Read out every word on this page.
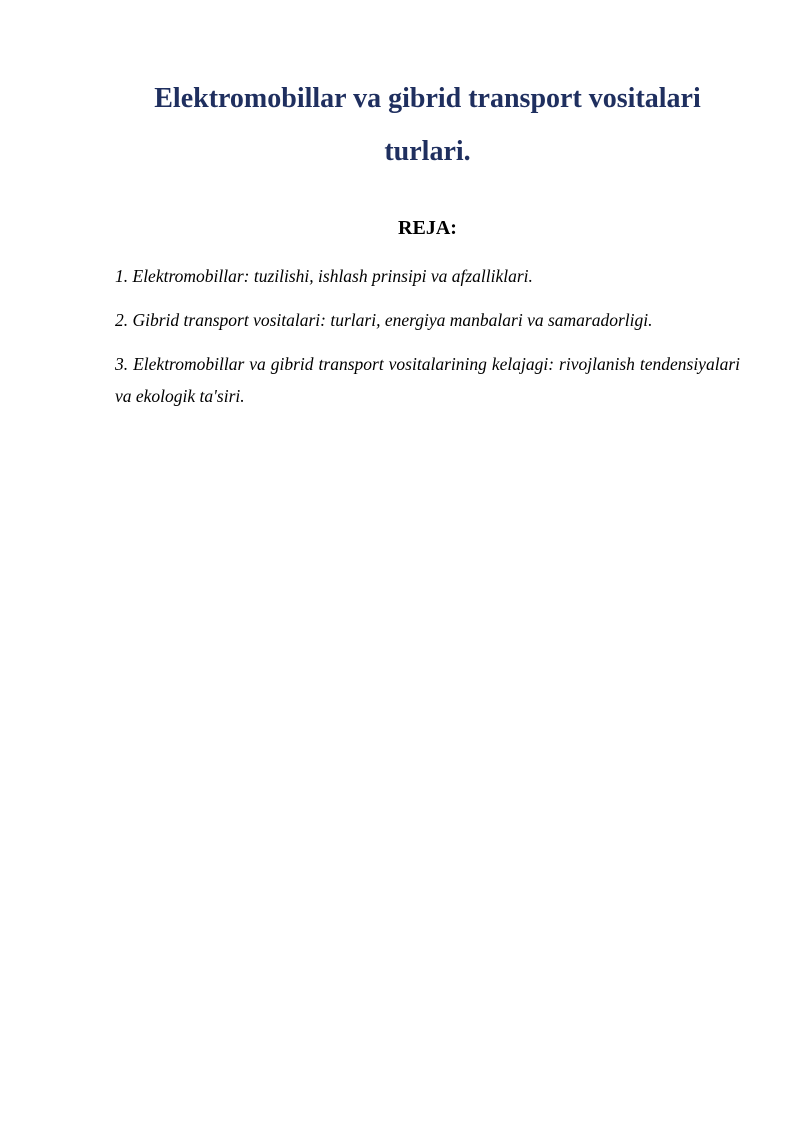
Elektromobillar va gibrid transport vositalari turlari.
REJA:
1. Elektromobillar: tuzilishi, ishlash prinsipi va afzalliklari.
2. Gibrid transport vositalari: turlari, energiya manbalari va samaradorligi.
3. Elektromobillar va gibrid transport vositalarining kelajagi: rivojlanish tendensiyalari va ekologik ta'siri.
